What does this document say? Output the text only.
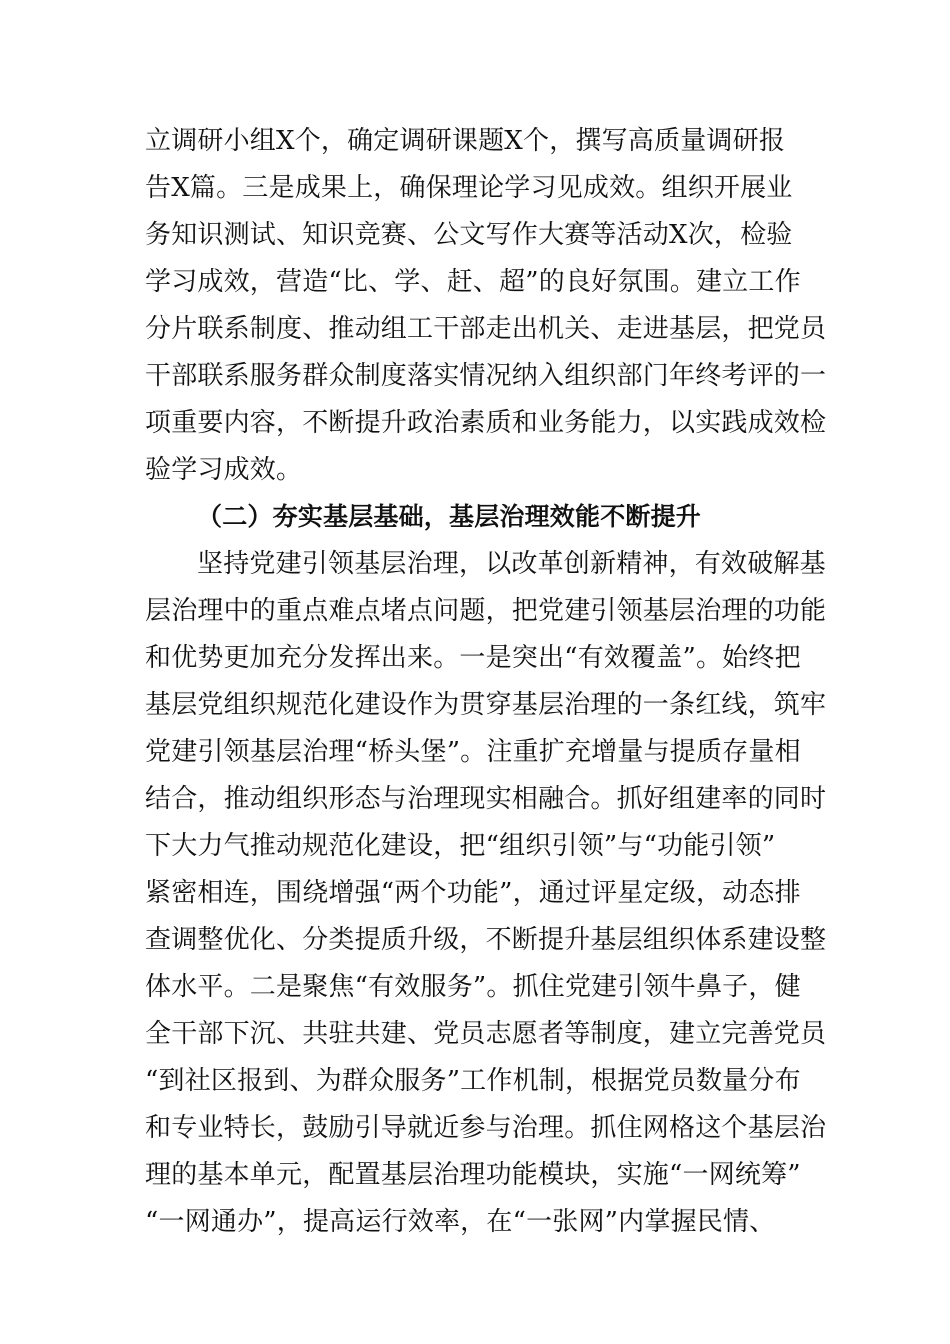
立调研小组X个，确定调研课题X个，撰写高质量调研报
告X篇。三是成果上，确保理论学习见成效。组织开展业
务知识测试、知识竞赛、公文写作大赛等活动X次，检验
学习成效，营造“比、学、赶、超”的良好氛围。建立工作
分片联系制度、推动组工干部走出机关、走进基层，把党员
干部联系服务群众制度落实情况纳入组织部门年终考评的一
项重要内容，不断提升政治素质和业务能力，以实践成效检
验学习成效。
（二）夯实基层基础，基层治理效能不断提升
坚持党建引领基层治理，以改革创新精神，有效破解基
层治理中的重点难点堵点问题，把党建引领基层治理的功能
和优势更加充分发挥出来。一是突出“有效覆盖”。始终把
基层党组织规范化建设作为贯穿基层治理的一条红线，筑牢
党建引领基层治理“桥头堡”。注重扩充增量与提质存量相
结合，推动组织形态与治理现实相融合。抓好组建率的同时
下大力气推动规范化建设，把“组织引领”与“功能引领”
紧密相连，围绕增强“两个功能”，通过评星定级，动态排
查调整优化、分类提质升级，不断提升基层组织体系建设整
体水平。二是聚焦“有效服务”。抓住党建引领牛鼻子，健
全干部下沉、共驻共建、党员志愿者等制度，建立完善党员
“到社区报到、为群众服务”工作机制，根据党员数量分布
和专业特长，鼓励引导就近参与治理。抓住网格这个基层治
理的基本单元，配置基层治理功能模块，实施“一网统筹”
“一网通办”，提高运行效率，在“一张网”内掌握民情、
